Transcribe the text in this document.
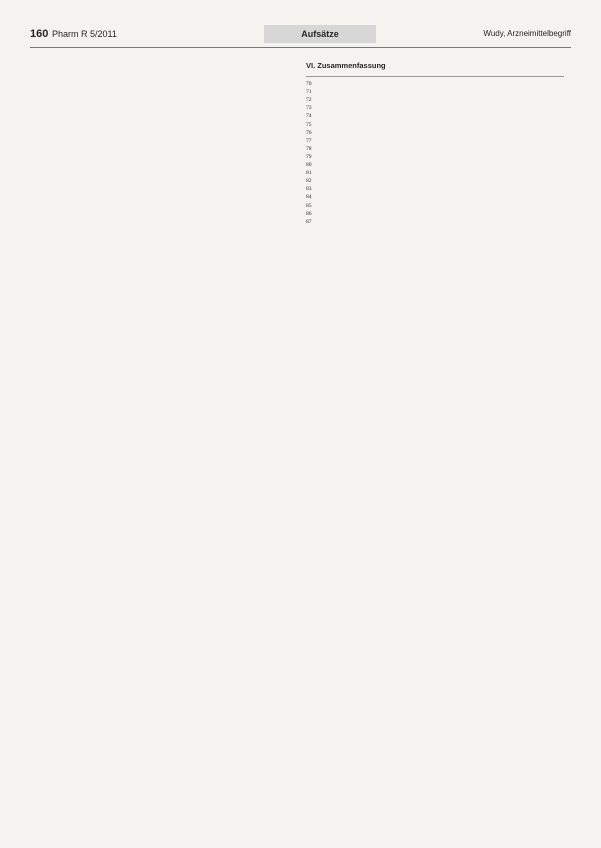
160 Pharm R 5/2011	Aufsätze	Wudy, Arzneimittelbegriff

VI. Zusammenfassung

70
71
72
73
74
75
76
77
78
79
80
81
82
83
84
85
86
87
